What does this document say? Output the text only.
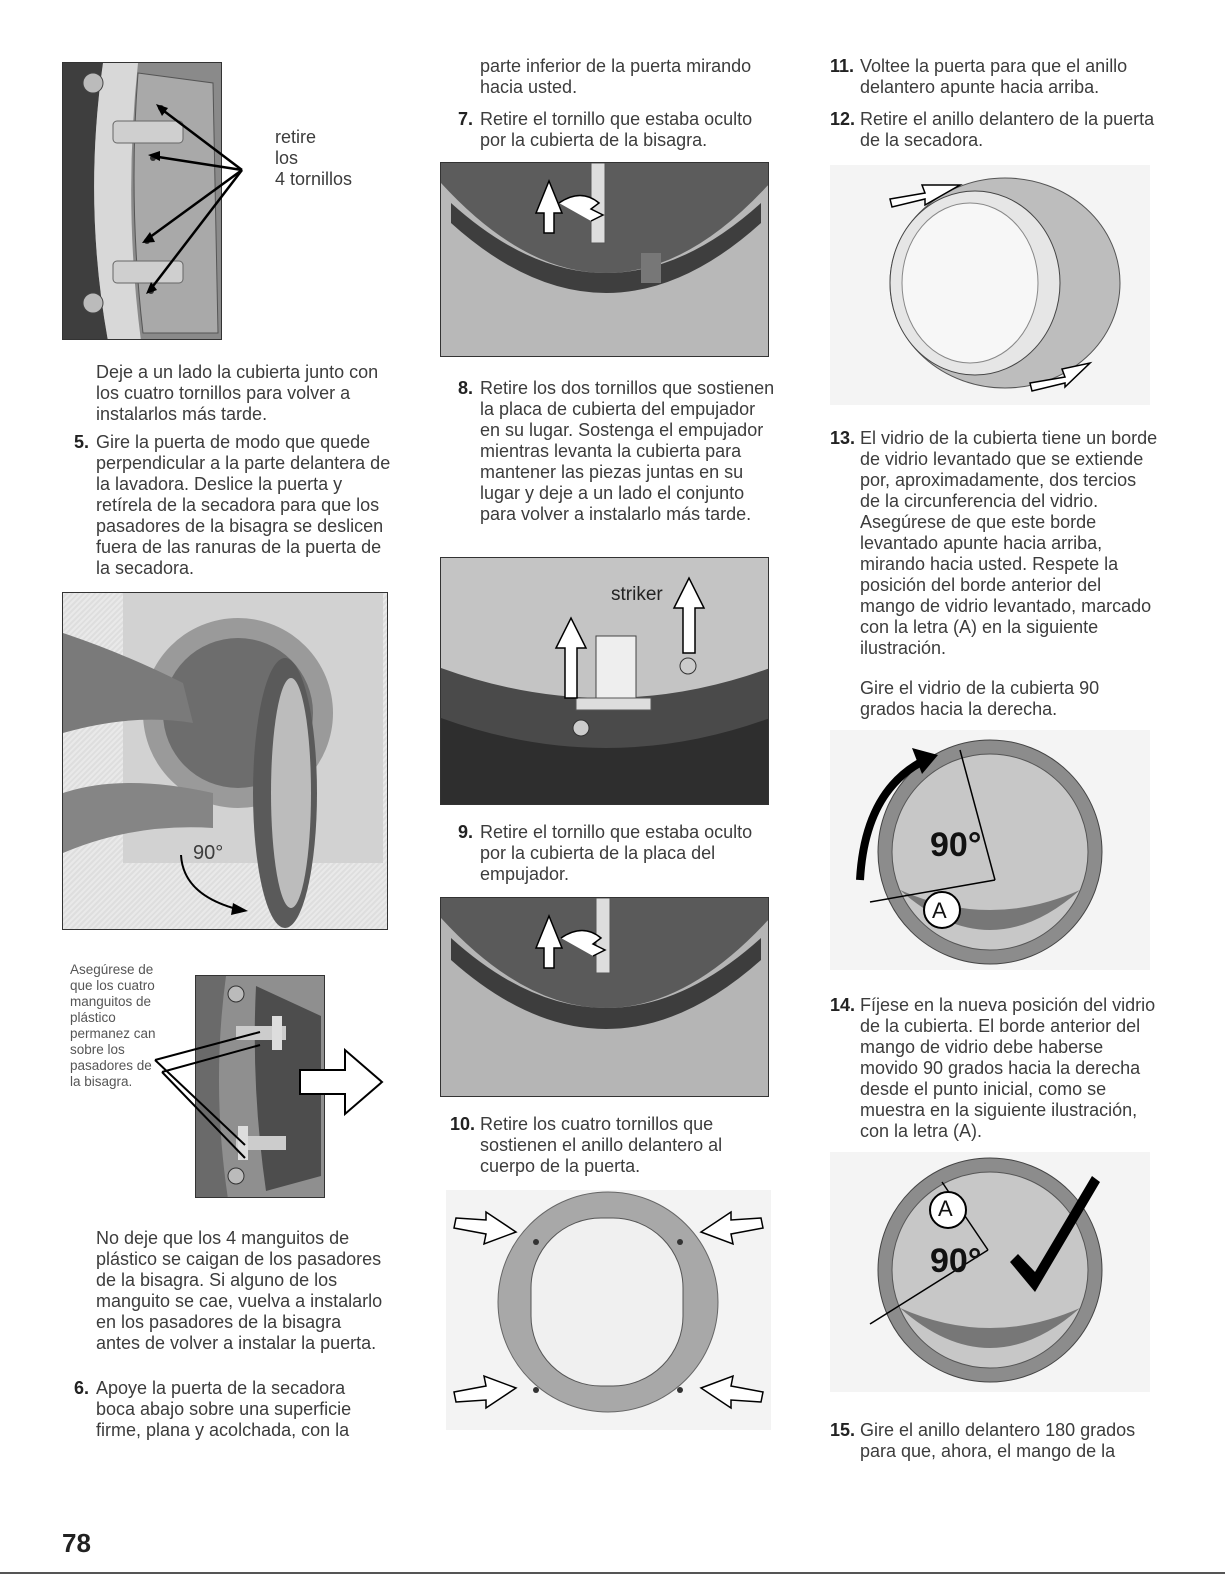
retire
los
4 tornillos
Deje a un lado la cubierta junto con los cuatro tornillos para volver a instalarlos más tarde.
5. Gire la puerta de modo que quede perpendicular a la parte delantera de la lavadora. Deslice la puerta y retírela de la secadora para que los pasadores de la bisagra se deslicen fuera de las ranuras de la puerta de la secadora.
90°
Asegúrese de que los cuatro manguitos de plástico permanez can sobre los pasadores de la bisagra.
No deje que los 4 manguitos de plástico se caigan de los pasadores de la bisagra. Si alguno de los manguito se cae, vuelva a instalarlo en los pasadores de la bisagra antes de volver a instalar la puerta.
6. Apoye la puerta de la secadora boca abajo sobre una superficie firme, plana y acolchada, con la
parte inferior de la puerta mirando hacia usted.
7. Retire el tornillo que estaba oculto por la cubierta de la bisagra.
8. Retire los dos tornillos que sostienen la placa de cubierta del empujador en su lugar. Sostenga el empujador mientras levanta la cubierta para mantener las piezas juntas en su lugar y deje a un lado el conjunto para volver a instalarlo más tarde.
striker
9. Retire el tornillo que estaba oculto por la cubierta de la placa del empujador.
10. Retire los cuatro tornillos que sostienen el anillo delantero al cuerpo de la puerta.
11. Voltee la puerta para que el anillo delantero apunte hacia arriba.
12. Retire el anillo delantero de la puerta de la secadora.
13. El vidrio de la cubierta tiene un borde de vidrio levantado que se extiende por, aproximadamente, dos tercios de la circunferencia del vidrio. Asegúrese de que este borde levantado apunte hacia arriba, mirando hacia usted. Respete la posición del borde anterior del mango de vidrio levantado, marcado con la letra (A) en la siguiente ilustración.
Gire el vidrio de la cubierta 90 grados hacia la derecha.
90°
A
14. Fíjese en la nueva posición del vidrio de la cubierta. El borde anterior del mango de vidrio debe haberse movido 90 grados hacia la derecha desde el punto inicial, como se muestra en la siguiente ilustración, con la letra (A).
A
90°
15. Gire el anillo delantero 180 grados para que, ahora, el mango de la
78
